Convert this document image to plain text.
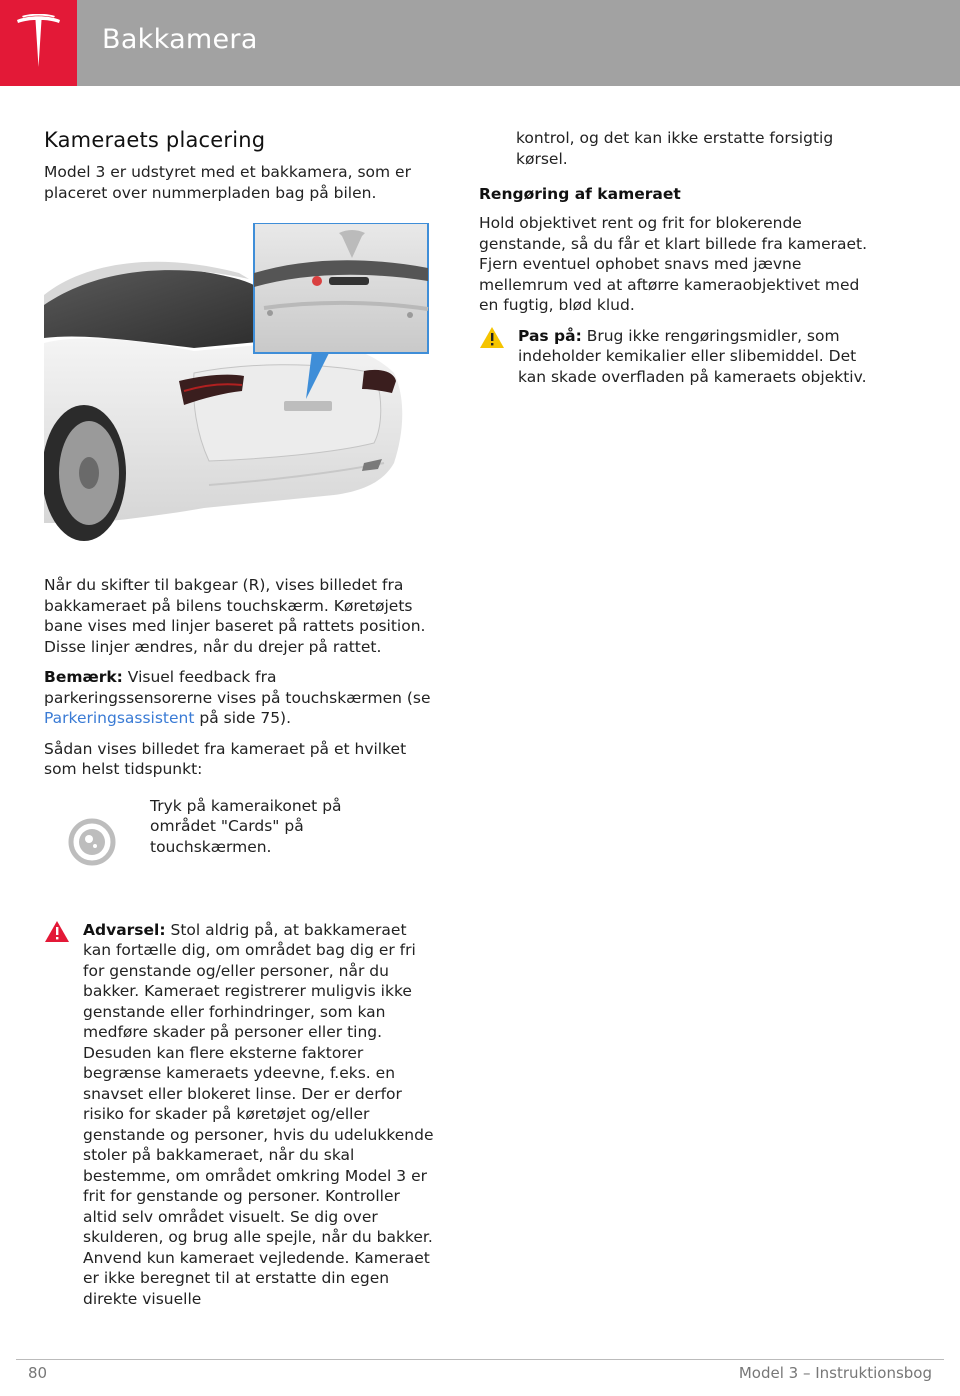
Bakkamera
Kameraets placering

Model 3 er udstyret med et bakkamera, som er placeret over nummerpladen bag på bilen.

Når du skifter til bakgear (R), vises billedet fra bakkameraet på bilens touchskærm. Køretøjets bane vises med linjer baseret på rattets position. Disse linjer ændres, når du drejer på rattet.

Bemærk: Visuel feedback fra parkeringssensorerne vises på touchskærmen (se Parkeringsassistent på side 75).

Sådan vises billedet fra kameraet på et hvilket som helst tidspunkt:

Tryk på kameraikonet på området "Cards" på touchskærmen.

Advarsel: Stol aldrig på, at bakkameraet kan fortælle dig, om området bag dig er fri for genstande og/eller personer, når du bakker. Kameraet registrerer muligvis ikke genstande eller forhindringer, som kan medføre skader på personer eller ting. Desuden kan flere eksterne faktorer begrænse kameraets ydeevne, f.eks. en snavset eller blokeret linse. Der er derfor risiko for skader på køretøjet og/eller genstande og personer, hvis du udelukkende stoler på bakkameraet, når du skal bestemme, om området omkring Model 3 er frit for genstande og personer. Kontroller altid selv området visuelt. Se dig over skulderen, og brug alle spejle, når du bakker. Anvend kun kameraet vejledende. Kameraet er ikke beregnet til at erstatte din egen direkte visuelle

kontrol, og det kan ikke erstatte forsigtig kørsel.

Rengøring af kameraet

Hold objektivet rent og frit for blokerende genstande, så du får et klart billede fra kameraet. Fjern eventuel ophobet snavs med jævne mellemrum ved at aftørre kameraobjektivet med en fugtig, blød klud.

Pas på: Brug ikke rengøringsmidler, som indeholder kemikalier eller slibemiddel. Det kan skade overfladen på kameraets objektiv.

80	Model 3 – Instruktionsbog
